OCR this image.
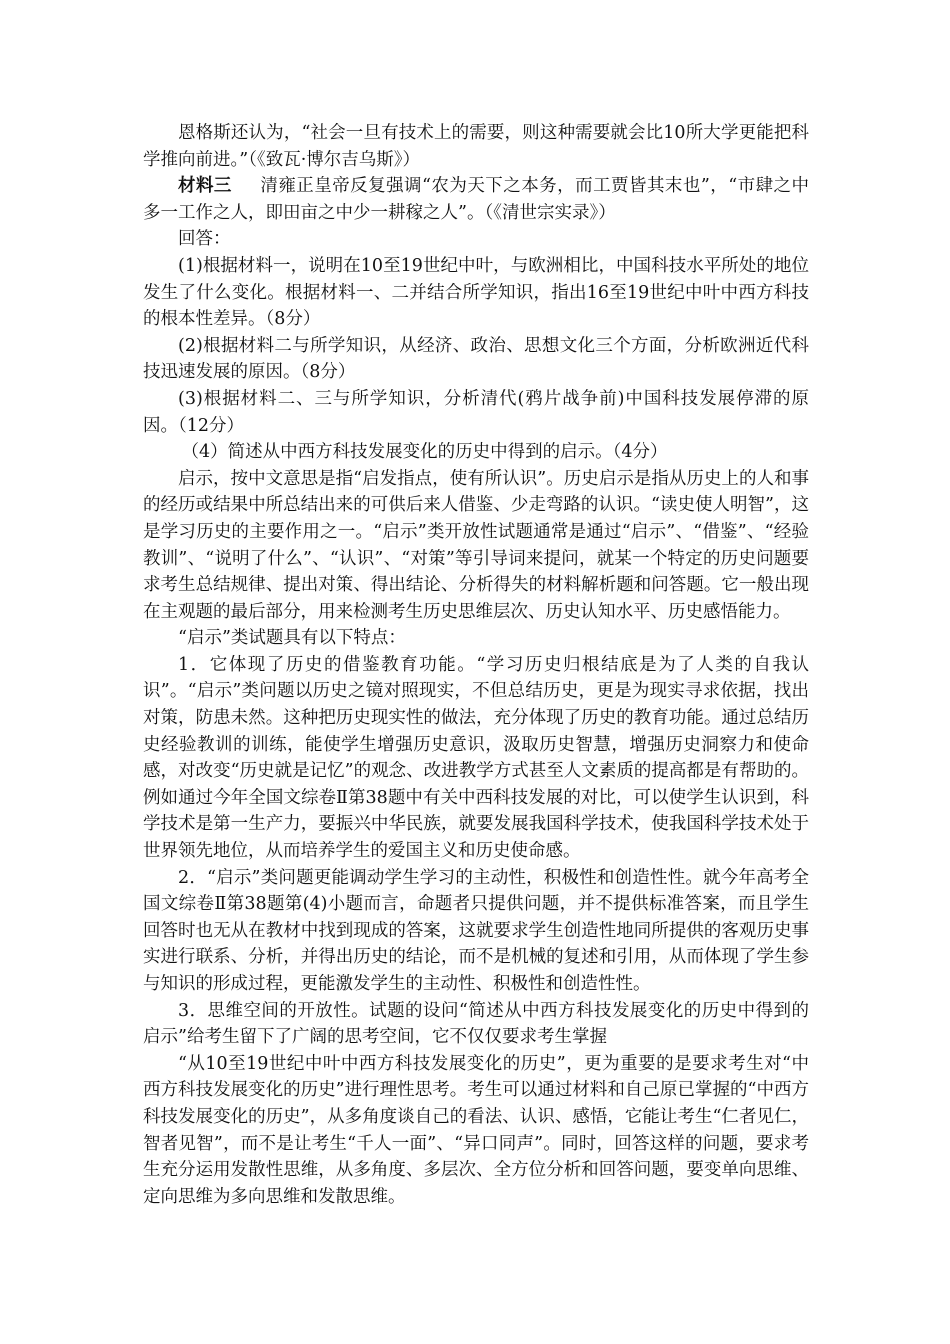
恩格斯还认为，“社会一旦有技术上的需要，则这种需要就会比10所大学更能把科学推向前进。”（《致瓦·博尔吉乌斯》）

材料三 清雍正皇帝反复强调“农为天下之本务，而工贾皆其末也”，“市肆之中多一工作之人，即田亩之中少一耕稼之人”。（《清世宗实录》）

回答：

(1)根据材料一，说明在10至19世纪中叶，与欧洲相比，中国科技水平所处的地位发生了什么变化。根据材料一、二并结合所学知识，指出16至19世纪中叶中西方科技的根本性差异。（8分）

(2)根据材料二与所学知识，从经济、政治、思想文化三个方面，分析欧洲近代科技迅速发展的原因。（8分）

(3)根据材料二、三与所学知识，分析清代(鸦片战争前)中国科技发展停滞的原因。（12分）

（4）简述从中西方科技发展变化的历史中得到的启示。（4分）

启示，按中文意思是指“启发指点，使有所认识”。历史启示是指从历史上的人和事的经历或结果中所总结出来的可供后来人借鉴、少走弯路的认识。“读史使人明智”，这是学习历史的主要作用之一。“启示”类开放性试题通常是通过“启示”、“借鉴”、“经验教训”、“说明了什么”、“认识”、“对策”等引导词来提问，就某一个特定的历史问题要求考生总结规律、提出对策、得出结论、分析得失的材料解析题和问答题。它一般出现在主观题的最后部分，用来检测考生历史思维层次、历史认知水平、历史感悟能力。

“启示”类试题具有以下特点：

1．它体现了历史的借鉴教育功能。“学习历史归根结底是为了人类的自我认识”。“启示”类问题以历史之镜对照现实，不但总结历史，更是为现实寻求依据，找出对策，防患未然。这种把历史现实性的做法，充分体现了历史的教育功能。通过总结历史经验教训的训练，能使学生增强历史意识，汲取历史智慧，增强历史洞察力和使命感，对改变“历史就是记忆”的观念、改进教学方式甚至人文素质的提高都是有帮助的。例如通过今年全国文综卷Ⅱ第38题中有关中西科技发展的对比，可以使学生认识到，科学技术是第一生产力，要振兴中华民族，就要发展我国科学技术，使我国科学技术处于世界领先地位，从而培养学生的爱国主义和历史使命感。

2．“启示”类问题更能调动学生学习的主动性，积极性和创造性性。就今年高考全国文综卷Ⅱ第38题第(4)小题而言，命题者只提供问题，并不提供标准答案，而且学生回答时也无从在教材中找到现成的答案，这就要求学生创造性地同所提供的客观历史事实进行联系、分析，并得出历史的结论，而不是机械的复述和引用，从而体现了学生参与知识的形成过程，更能激发学生的主动性、积极性和创造性性。

3．思维空间的开放性。试题的设问“简述从中西方科技发展变化的历史中得到的启示”给考生留下了广阔的思考空间，它不仅仅要求考生掌握

“从10至19世纪中叶中西方科技发展变化的历史”，更为重要的是要求考生对“中西方科技发展变化的历史”进行理性思考。考生可以通过材料和自己原已掌握的“中西方科技发展变化的历史”，从多角度谈自己的看法、认识、感悟，它能让考生“仁者见仁，智者见智”，而不是让考生“千人一面”、“异口同声”。同时，回答这样的问题，要求考生充分运用发散性思维，从多角度、多层次、全方位分析和回答问题，要变单向思维、定向思维为多向思维和发散思维。
